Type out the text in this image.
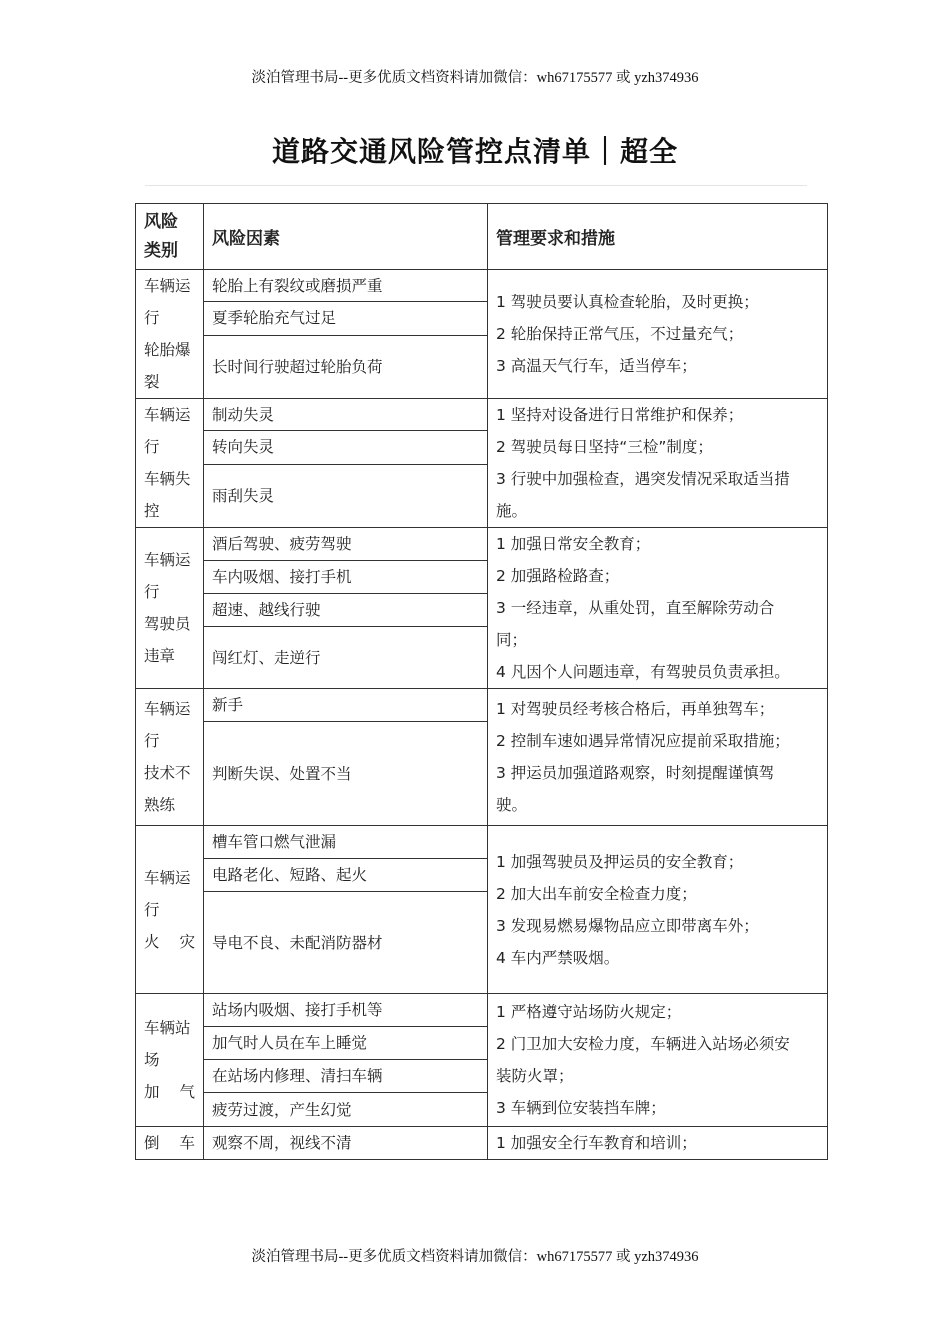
淡泊管理书局--更多优质文档资料请加微信：wh67175577 或 yzh374936
道路交通风险管控点清单｜超全
风险
类别	风险因素	管理要求和措施

车辆运
行
轮胎爆
裂	轮胎上有裂纹或磨损严重	1 驾驶员要认真检查轮胎，及时更换；
2 轮胎保持正常气压，不过量充气；
3 高温天气行车，适当停车；

	夏季轮胎充气过足	
	长时间行驶超过轮胎负荷	

车辆运
行
车辆失
控	制动失灵	1 坚持对设备进行日常维护和保养；
2 驾驶员每日坚持“三检”制度；
3 行驶中加强检查，遇突发情况采取适当措
施。

	转向失灵	
	雨刮失灵	

车辆运
行
驾驶员
违章	酒后驾驶、疲劳驾驶	1 加强日常安全教育；
2 加强路检路查；
3 一经违章，从重处罚，直至解除劳动合
同；
4 凡因个人问题违章，有驾驶员负责承担。

	车内吸烟、接打手机	
	超速、越线行驶	
	闯红灯、走逆行	

车辆运
行
技术不
熟练	新手	1 对驾驶员经考核合格后，再单独驾车；
2 控制车速如遇异常情况应提前采取措施；
3 押运员加强道路观察，时刻提醒谨慎驾
驶。

	判断失误、处置不当	

车辆运
行
火　灾	槽车管口燃气泄漏	1 加强驾驶员及押运员的安全教育；
2 加大出车前安全检查力度；
3 发现易燃易爆物品应立即带离车外；
4 车内严禁吸烟。

	电路老化、短路、起火	
	导电不良、未配消防器材	

车辆站
场
加　气	站场内吸烟、接打手机等	1 严格遵守站场防火规定；
2 门卫加大安检力度，车辆进入站场必须安
装防火罩；
3 车辆到位安装挡车牌；

	加气时人员在车上睡觉	
	在站场内修理、清扫车辆	
	疲劳过渡，产生幻觉	

倒　车	观察不周，视线不清	1 加强安全行车教育和培训；
淡泊管理书局--更多优质文档资料请加微信：wh67175577 或 yzh374936
